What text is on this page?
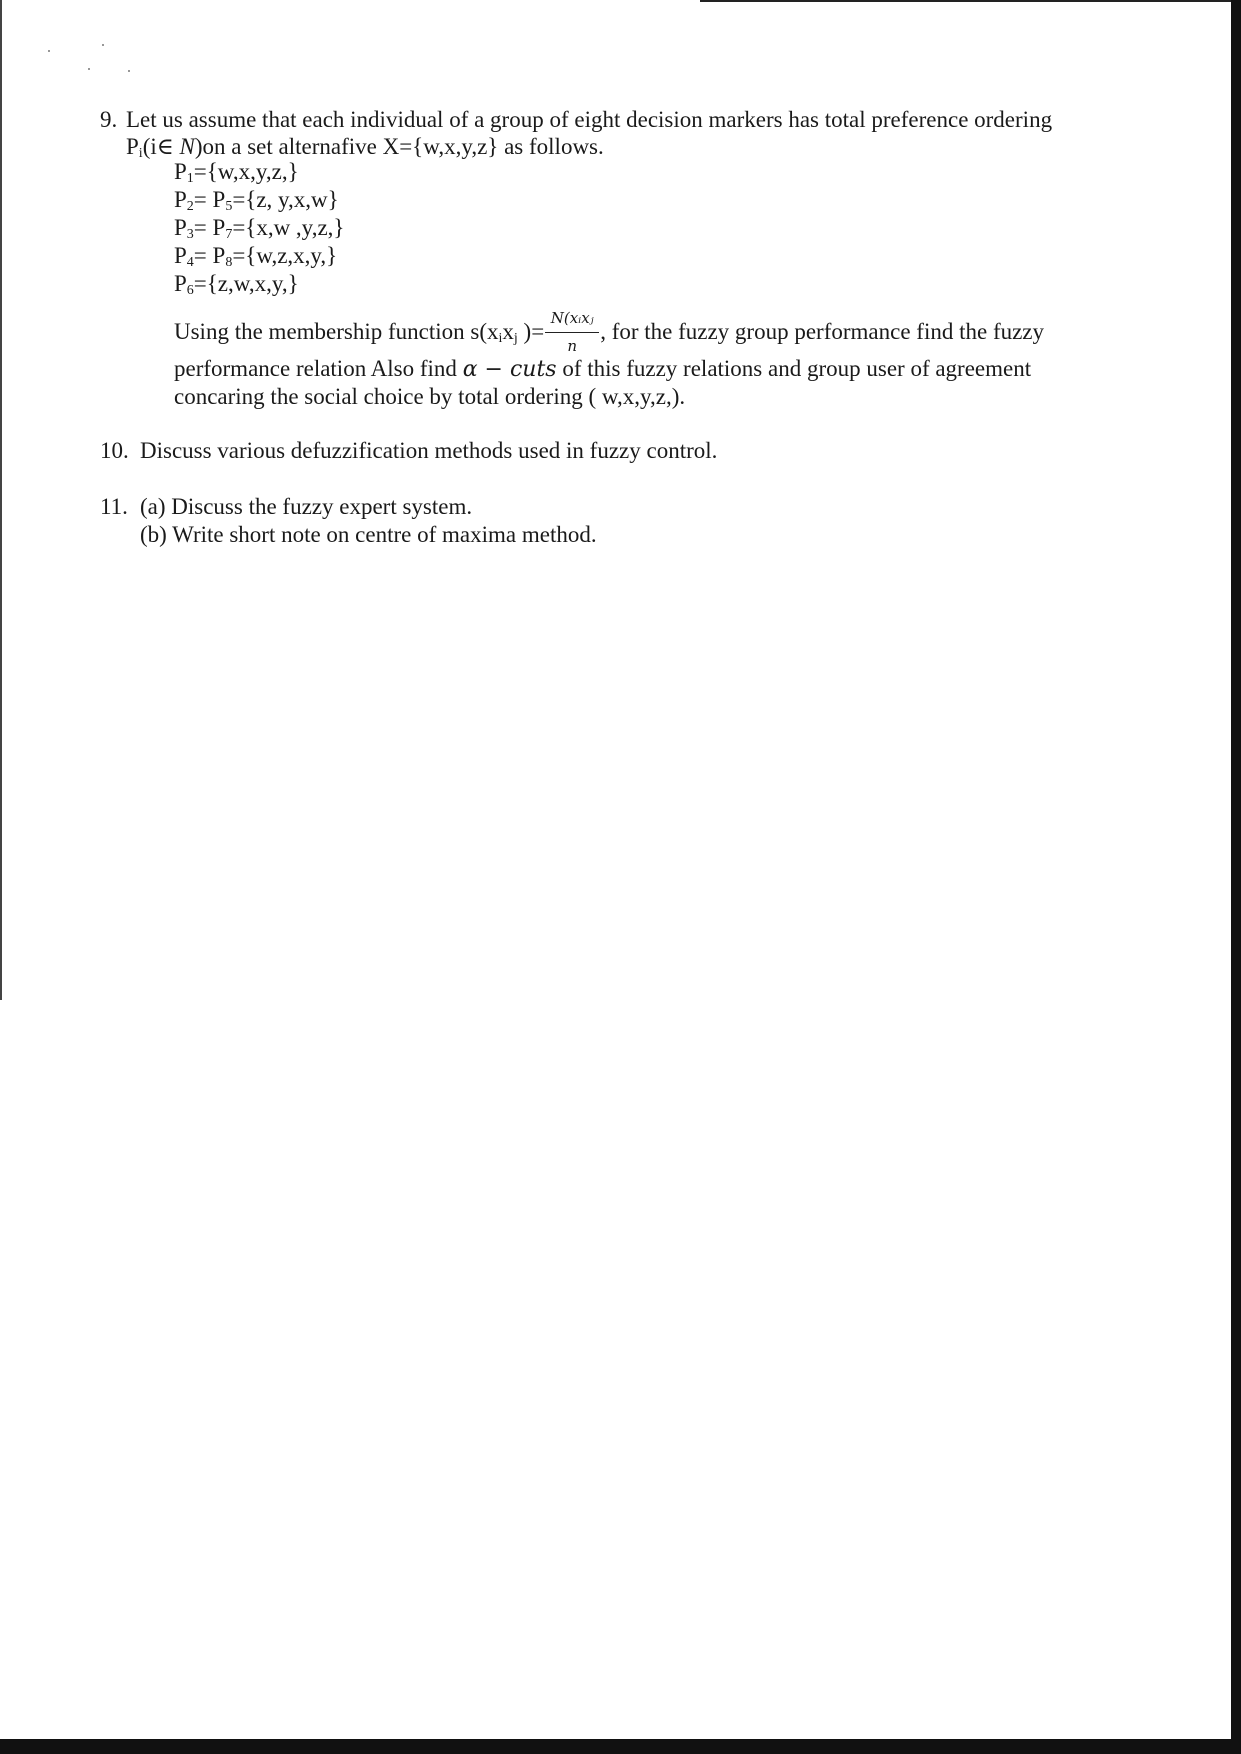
9. Let us assume that each individual of a group of eight decision markers has total preference ordering
$P_i(i\in$ N)on a set alternafive X={w,x,y,z} as follows.
$P_1=\{w,x,y,z,\}$
$P_2= P_5=\{z$, y,x,w}
$P_3= P_7=\{x,w$ ,y,z,}
$P_4= P_8=\{w,z,x,y,\}$
$P_6=\{z,w,x,y,\}$
Using the membership function $s(x_ix_j$ )= $\frac{\text{N(xᵢxⱼ}}{n}$ , for the fuzzy group performance find the fuzzy
performance relation Also find α − cuts of this fuzzy relations and group user of agreement
concaring the social choice by total ordering ( w,x,y,z,).
10. Discuss various defuzzification methods used in fuzzy control.
11. (a) Discuss the fuzzy expert system.
(b) Write short note on centre of maxima method.
